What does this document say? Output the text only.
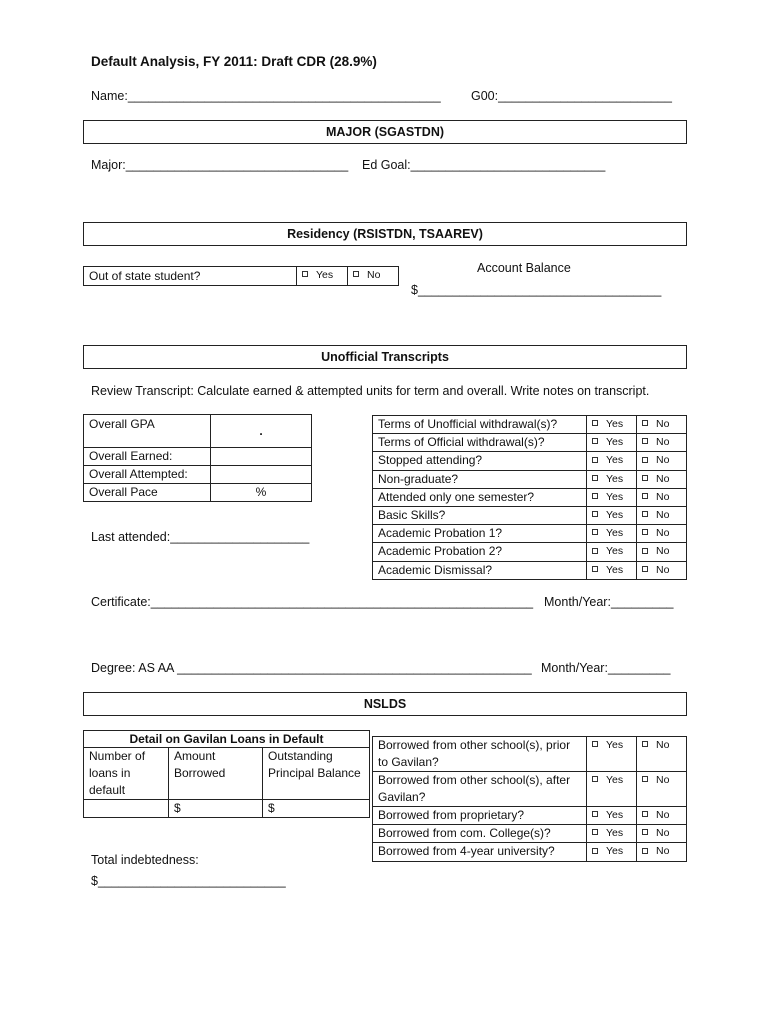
Default Analysis, FY 2011: Draft CDR (28.9%)
Name:_____________________________________________ G00:_________________________
MAJOR (SGASTDN)
Major:________________________________ Ed Goal:____________________________
Residency (RSISTDN, TSAAREV)
Out of state student?	Yes	No	Account Balance
$___________________________________
Unofficial Transcripts
Review Transcript: Calculate earned & attempted units for term and overall. Write notes on transcript.
Overall GPA	.
Overall Earned:	
Overall Attempted:	
Overall Pace	%
Last attended:____________________
Terms of Unofficial withdrawal(s)?	Yes	No
Terms of Official withdrawal(s)?	Yes	No
Stopped attending?	Yes	No
Non-graduate?	Yes	No
Attended only one semester?	Yes	No
Basic Skills?	Yes	No
Academic Probation 1?	Yes	No
Academic Probation 2?	Yes	No
Academic Dismissal?	Yes	No
Certificate:_______________________________________________________ Month/Year:_________
Degree: AS AA ___________________________________________________ Month/Year:_________
NSLDS
Detail on Gavilan Loans in Default		
Number of loans in default	Amount Borrowed	Outstanding Principal Balance
	$	$
Borrowed from other school(s), prior to Gavilan?	Yes	No
Borrowed from other school(s), after Gavilan?	Yes	No
Borrowed from proprietary?	Yes	No
Borrowed from com. College(s)?	Yes	No
Borrowed from 4-year university?	Yes	No
Total indebtedness:
$___________________________
